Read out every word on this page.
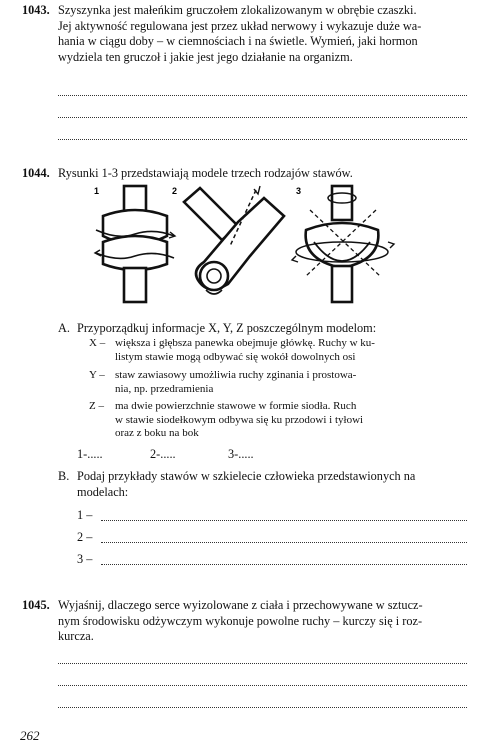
1043. Szyszynka jest małeńkim gruczołem zlokalizowanym w obrębie czaszki.
Jej aktywność regulowana jest przez układ nerwowy i wykazuje duże wa-
hania w ciągu doby – w ciemnościach i na świetle. Wymień, jaki hormon
wydziela ten gruczoł i jakie jest jego działanie na organizm.
1044. Rysunki 1-3 przedstawiają modele trzech rodzajów stawów.
1	2	3
A. Przyporządkuj informacje X, Y, Z poszczególnym modelom:
X – większa i głębsza panewka obejmuje główkę. Ruchy w ku-
listym stawie mogą odbywać się wokół dowolnych osi
Y – staw zawiasowy umożliwia ruchy zginania i prostowa-
nia, np. przedramienia
Z – ma dwie powierzchnie stawowe w formie siodła. Ruch
w stawie siodełkowym odbywa się ku przodowi i tyłowi
oraz z boku na bok
1-.....	2-.....	3-.....
B. Podaj przykłady stawów w szkielecie człowieka przedstawionych na
modelach:
1 –
2 –
3 –
1045. Wyjaśnij, dlaczego serce wyizolowane z ciała i przechowywane w sztucz-
nym środowisku odżywczym wykonuje powolne ruchy – kurczy się i roz-
kurcza.
262
